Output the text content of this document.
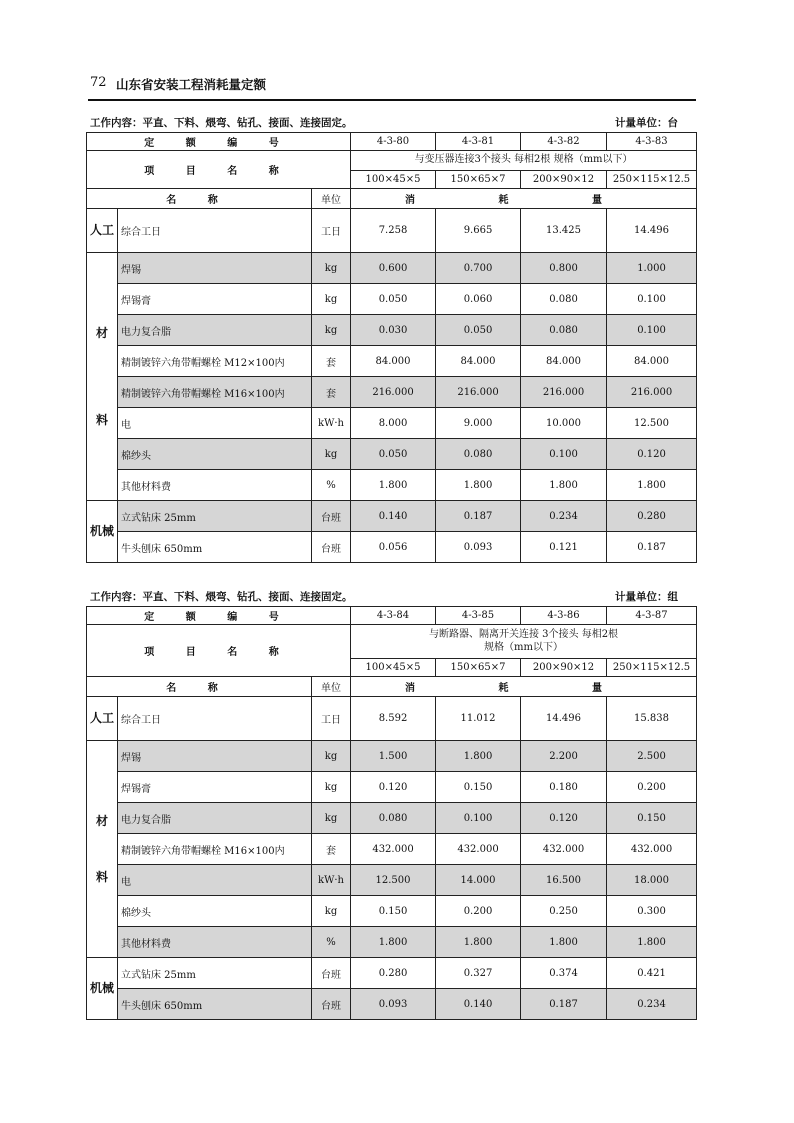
72 山东省安装工程消耗量定额
工作内容：平直、下料、煨弯、钻孔、接面、连接固定。	计量单位：台
定 额 编 号			4-3-80	4-3-81	4-3-82	4-3-83
项 目 名 称			与变压器连接3个接头 每相2根 规格（mm以下）			
			100×45×5	150×65×7	200×90×12	250×115×12.5
名 称		单位	消 耗 量			
人工	综合工日	工日	7.258	9.665	13.425	14.496

材
料	焊锡	kg	0.600	0.700	0.800	1.000
	焊锡膏	kg	0.050	0.060	0.080	0.100
	电力复合脂	kg	0.030	0.050	0.080	0.100
	精制镀锌六角带帽螺栓 M12×100内	套	84.000	84.000	84.000	84.000
	精制镀锌六角带帽螺栓 M16×100内	套	216.000	216.000	216.000	216.000
	电	kW·h	8.000	9.000	10.000	12.500
	棉纱头	kg	0.050	0.080	0.100	0.120
	其他材料费	%	1.800	1.800	1.800	1.800
机械	立式钻床 25mm	台班	0.140	0.187	0.234	0.280
	牛头刨床 650mm	台班	0.056	0.093	0.121	0.187
工作内容：平直、下料、煨弯、钻孔、接面、连接固定。	计量单位：组
定 额 编 号			4-3-84	4-3-85	4-3-86	4-3-87
项 目 名 称			与断路器、隔离开关连接 3个接头 每相2根
规格（mm以下）			

			100×45×5	150×65×7	200×90×12	250×115×12.5
名 称		单位	消 耗 量			
人工	综合工日	工日	8.592	11.012	14.496	15.838

材
料	焊锡	kg	1.500	1.800	2.200	2.500
	焊锡膏	kg	0.120	0.150	0.180	0.200
	电力复合脂	kg	0.080	0.100	0.120	0.150
	精制镀锌六角带帽螺栓 M16×100内	套	432.000	432.000	432.000	432.000
	电	kW·h	12.500	14.000	16.500	18.000
	棉纱头	kg	0.150	0.200	0.250	0.300
	其他材料费	%	1.800	1.800	1.800	1.800
机械	立式钻床 25mm	台班	0.280	0.327	0.374	0.421
	牛头刨床 650mm	台班	0.093	0.140	0.187	0.234
